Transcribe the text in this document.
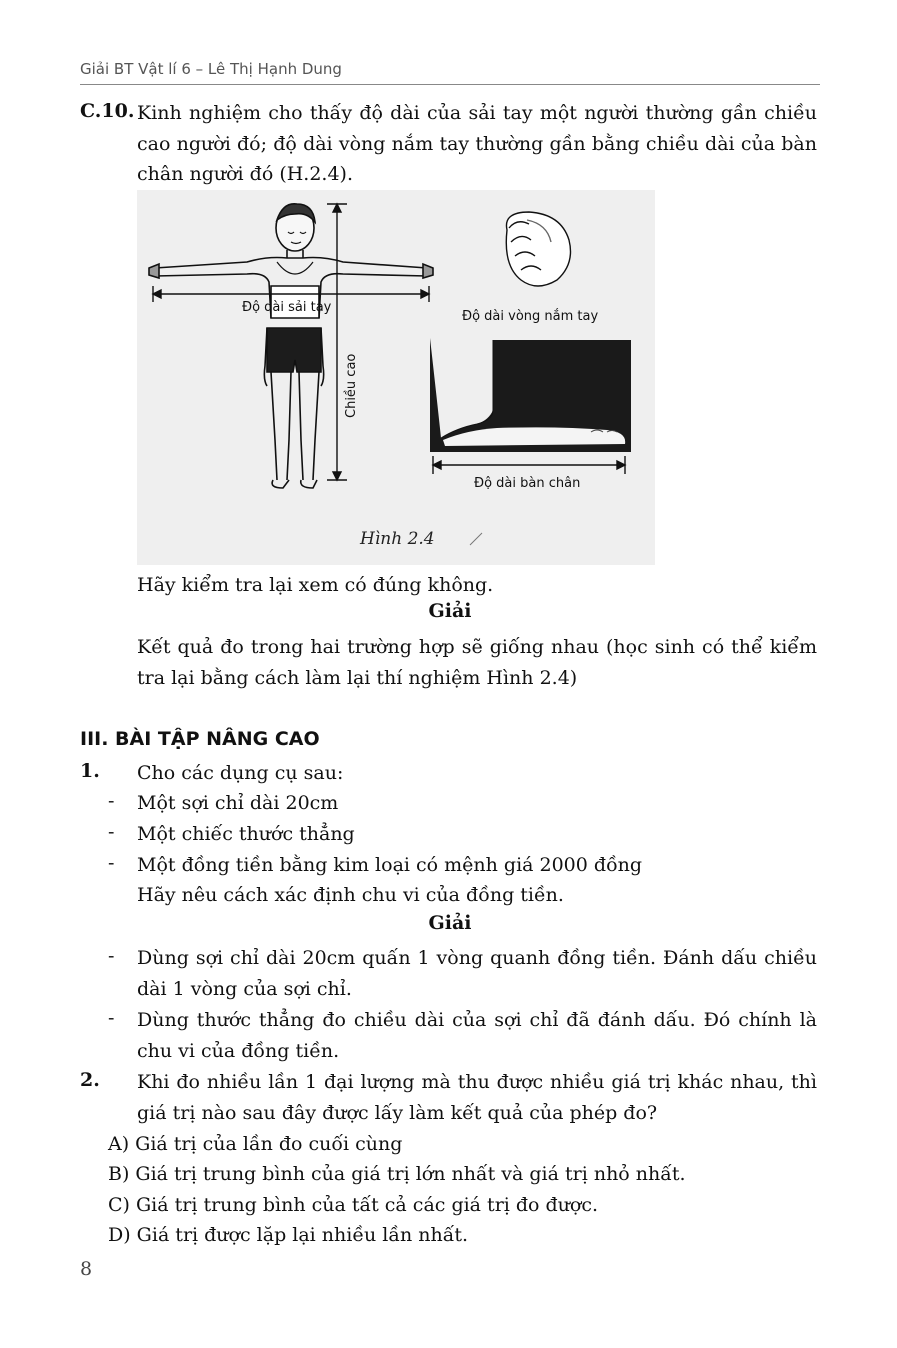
Giải BT Vật lí 6 – Lê Thị Hạnh Dung
C.10. Kinh nghiệm cho thấy độ dài của sải tay một người thường gần chiều cao người đó; độ dài vòng nắm tay thường gần bằng chiều dài của bàn chân người đó (H.2.4).
Độ dài sải tay
Chiều cao
Độ dài vòng nắm tay
Độ dài bàn chân
Hình 2.4
Hãy kiểm tra lại xem có đúng không.
Giải
Kết quả đo trong hai trường hợp sẽ giống nhau (học sinh có thể kiểm tra lại bằng cách làm lại thí nghiệm Hình 2.4)
III. BÀI TẬP NÂNG CAO
1. Cho các dụng cụ sau:
- Một sợi chỉ dài 20cm
- Một chiếc thước thẳng
- Một đồng tiền bằng kim loại có mệnh giá 2000 đồng
Hãy nêu cách xác định chu vi của đồng tiền.
Giải
- Dùng sợi chỉ dài 20cm quấn 1 vòng quanh đồng tiền. Đánh dấu chiều dài 1 vòng của sợi chỉ.
- Dùng thước thẳng đo chiều dài của sợi chỉ đã đánh dấu. Đó chính là chu vi của đồng tiền.
2. Khi đo nhiều lần 1 đại lượng mà thu được nhiều giá trị khác nhau, thì giá trị nào sau đây được lấy làm kết quả của phép đo?
A) Giá trị của lần đo cuối cùng
B) Giá trị trung bình của giá trị lớn nhất và giá trị nhỏ nhất.
C) Giá trị trung bình của tất cả các giá trị đo được.
D) Giá trị được lặp lại nhiều lần nhất.
8
